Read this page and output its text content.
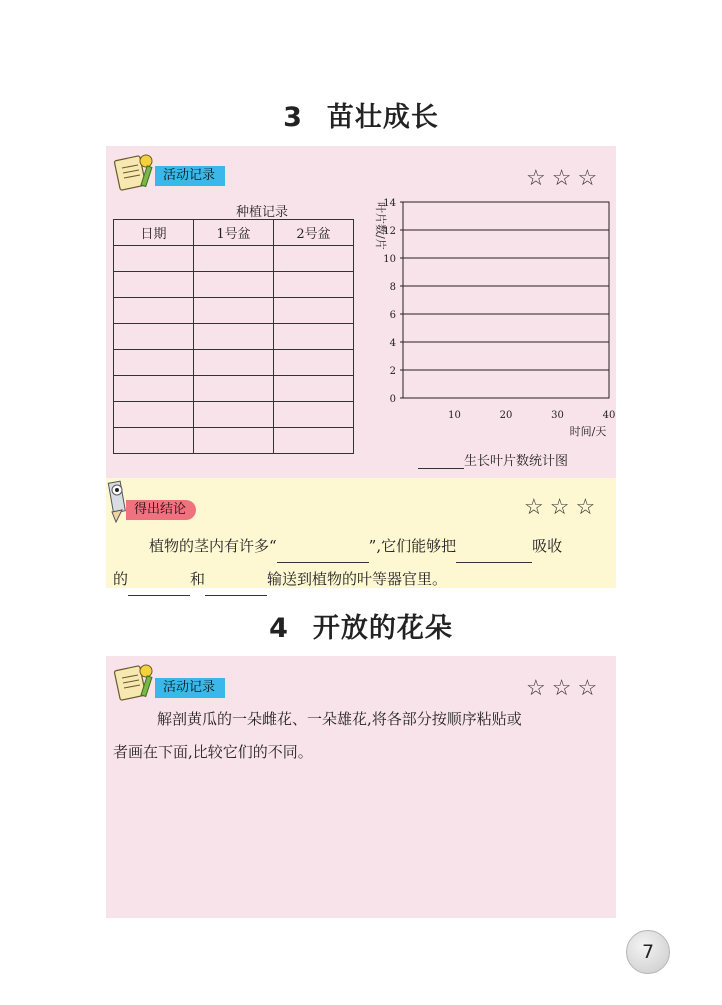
3 苗壮成长
活动记录	☆☆☆
种植记录
日期	1号盆	2号盆

0
2
4
6
8
10
12
14
10	20	30	40
叶片数/片
时间/天
生长叶片数统计图
得出结论	☆☆☆
植物的茎内有许多“	”,它们能够把	吸收
的	和	输送到植物的叶等器官里。
4 开放的花朵
活动记录	☆☆☆
解剖黄瓜的一朵雌花、一朵雄花,将各部分按顺序粘贴或
者画在下面,比较它们的不同。
7
